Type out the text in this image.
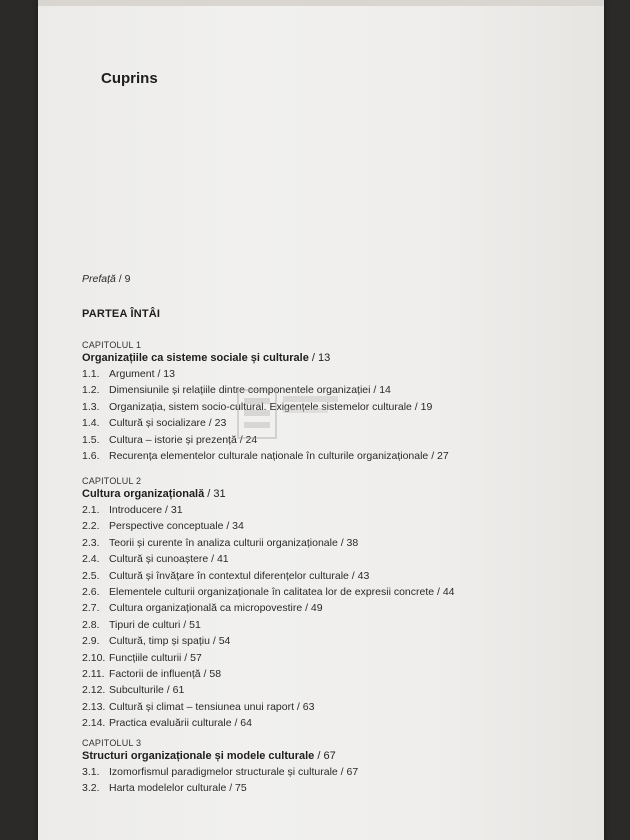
Cuprins
Prefață / 9
PARTEA ÎNTÂI
CAPITOLUL 1
Organizațiile ca sisteme sociale și culturale / 13
1.1. Argument / 13
1.2. Dimensiunile și relațiile dintre componentele organizației / 14
1.3. Organizația, sistem socio-cultural. Exigențele sistemelor culturale / 19
1.4. Cultură și socializare / 23
1.5. Cultura – istorie și prezență / 24
1.6. Recurența elementelor culturale naționale în culturile organizaționale / 27
CAPITOLUL 2
Cultura organizațională / 31
2.1. Introducere / 31
2.2. Perspective conceptuale / 34
2.3. Teorii și curente în analiza culturii organizaționale / 38
2.4. Cultură și cunoaștere / 41
2.5. Cultură și învățare în contextul diferențelor culturale / 43
2.6. Elementele culturii organizaționale în calitatea lor de expresii concrete / 44
2.7. Cultura organizațională ca micropovestire / 49
2.8. Tipuri de culturi / 51
2.9. Cultură, timp și spațiu / 54
2.10. Funcțiile culturii / 57
2.11. Factorii de influență / 58
2.12. Subculturile / 61
2.13. Cultură și climat – tensiunea unui raport / 63
2.14. Practica evaluării culturale / 64
CAPITOLUL 3
Structuri organizaționale și modele culturale / 67
3.1. Izomorfismul paradigmelor structurale și culturale / 67
3.2. Harta modelelor culturale / 75
